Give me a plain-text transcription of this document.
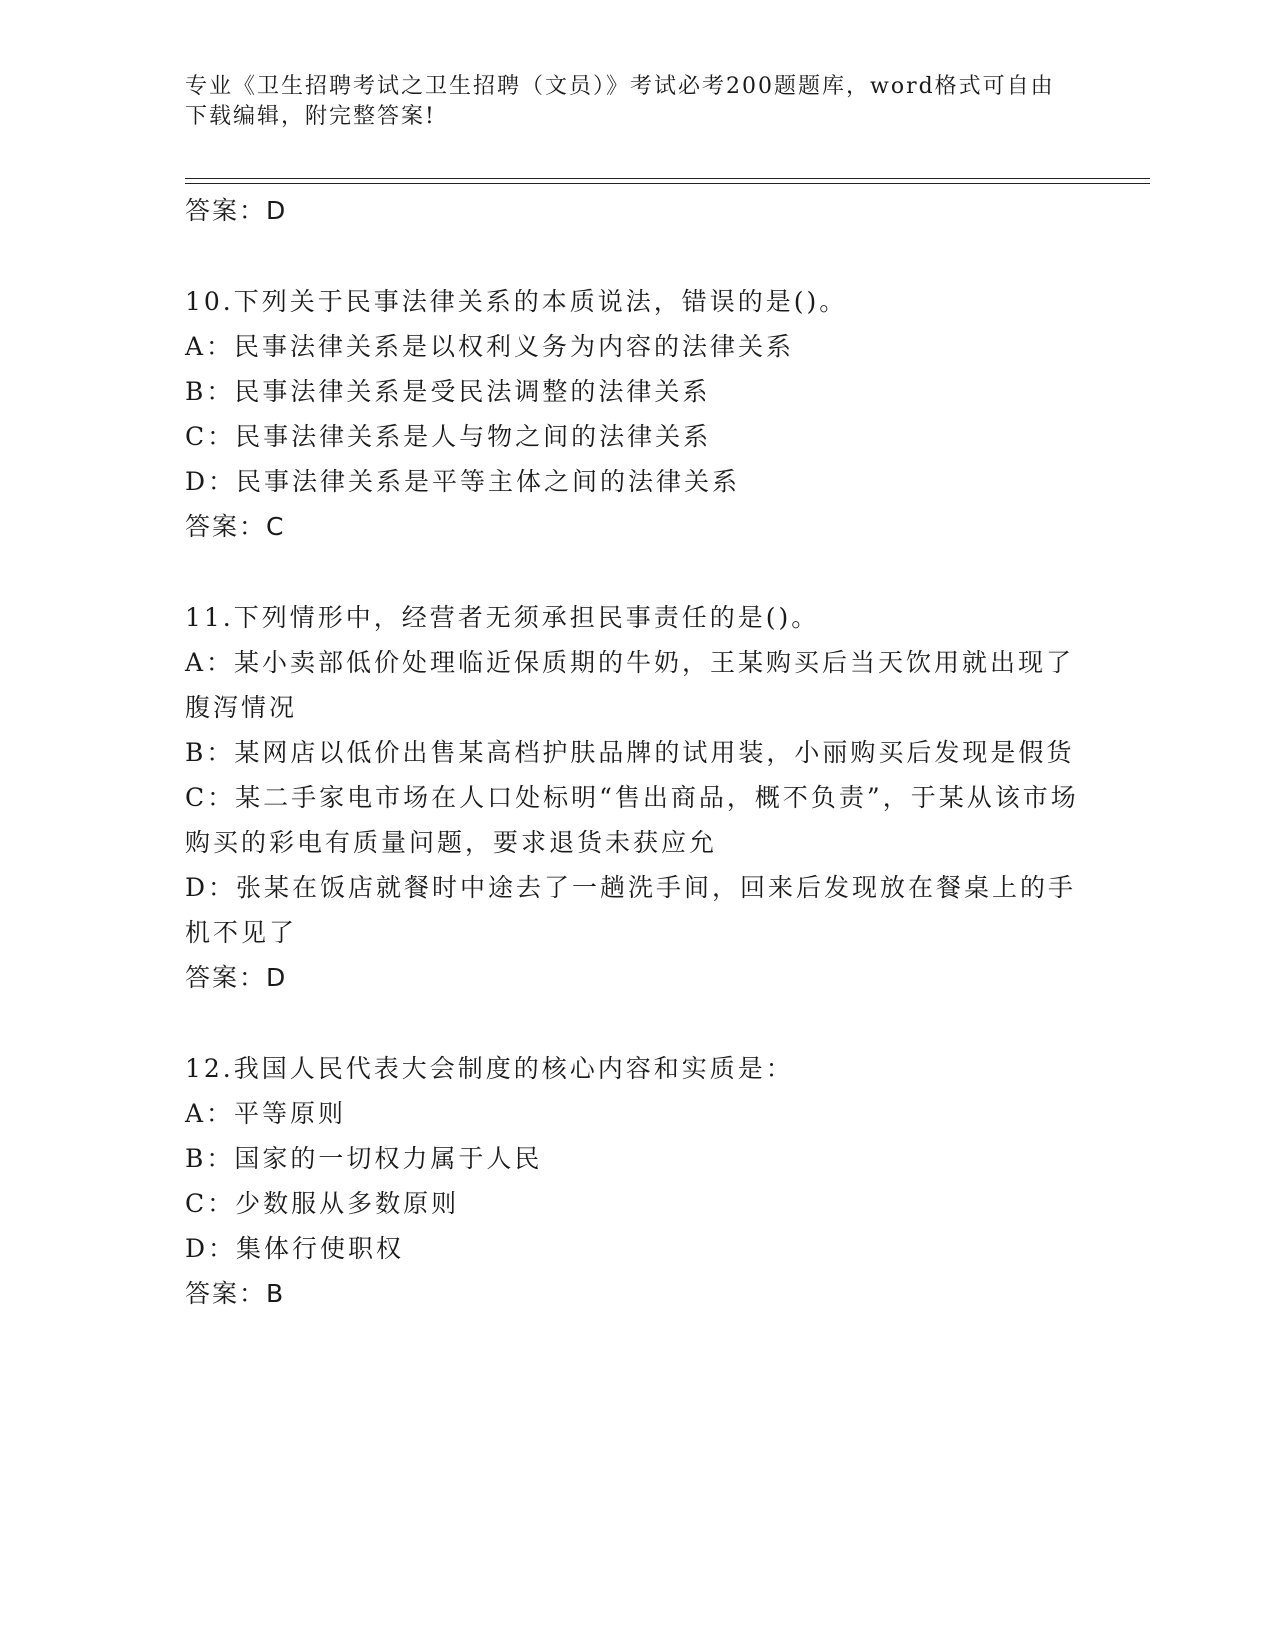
专业《卫生招聘考试之卫生招聘（文员）》考试必考200题题库，word格式可自由下载编辑，附完整答案!

答案：D

10.下列关于民事法律关系的本质说法，错误的是()。

A：民事法律关系是以权利义务为内容的法律关系

B：民事法律关系是受民法调整的法律关系

C：民事法律关系是人与物之间的法律关系

D：民事法律关系是平等主体之间的法律关系

答案：C

11.下列情形中，经营者无须承担民事责任的是()。

A：某小卖部低价处理临近保质期的牛奶，王某购买后当天饮用就出现了腹泻情况

B：某网店以低价出售某高档护肤品牌的试用装，小丽购买后发现是假货

C：某二手家电市场在人口处标明“售出商品，概不负责”，于某从该市场购买的彩电有质量问题，要求退货未获应允

D：张某在饭店就餐时中途去了一趟洗手间，回来后发现放在餐桌上的手机不见了

答案：D

12.我国人民代表大会制度的核心内容和实质是：

A：平等原则

B：国家的一切权力属于人民

C：少数服从多数原则

D：集体行使职权

答案：B
